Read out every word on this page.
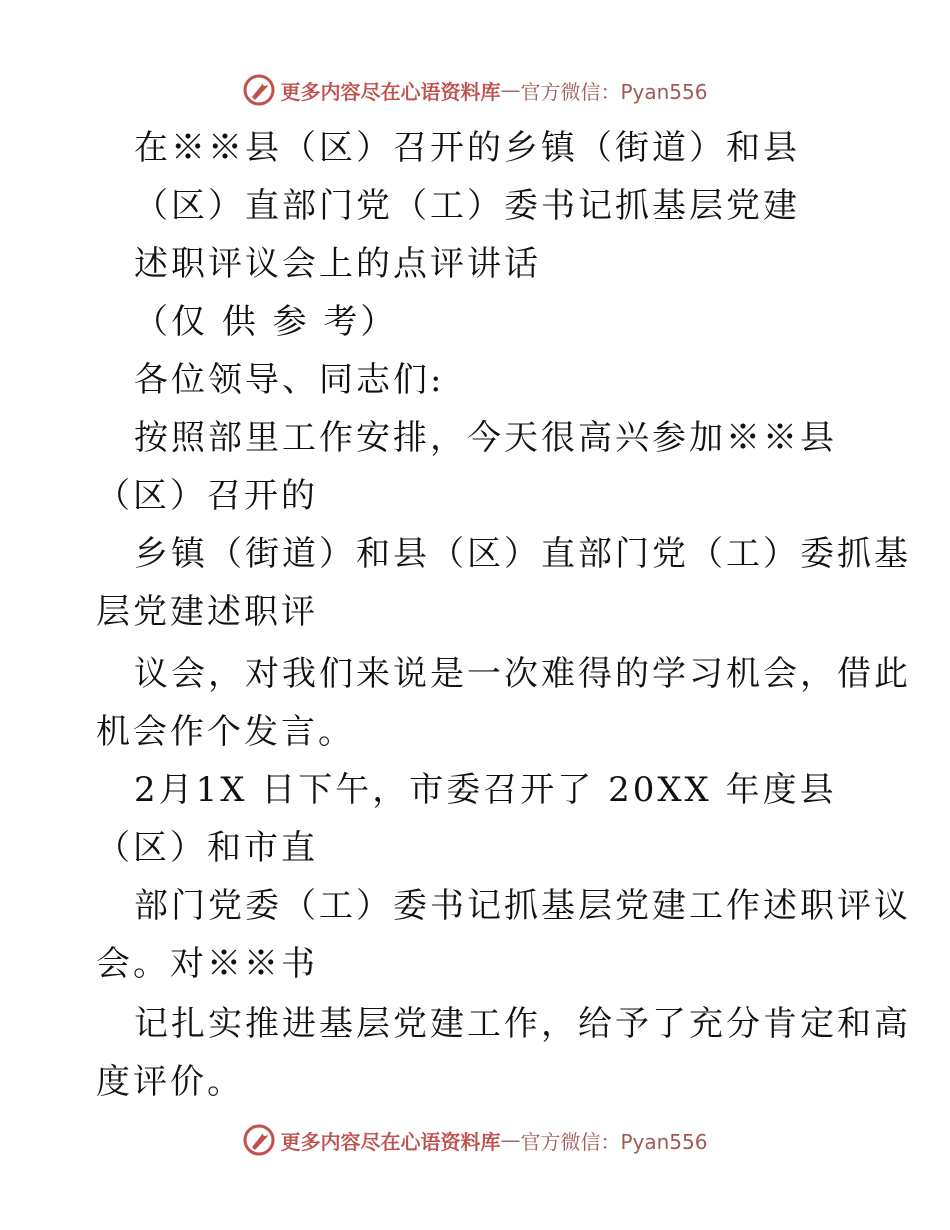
更多内容尽在心语资料库 — 官方微信：Pyan556
在※※县（区）召开的乡镇（街道）和县
（区）直部门党（工）委书记抓基层党建
述职评议会上的点评讲话
（仅 供 参 考）
各位领导、同志们:
按照部里工作安排，今天很高兴参加※※县
（区）召开的
乡镇（街道）和县（区）直部门党（工）委抓基
层党建述职评
议会，对我们来说是一次难得的学习机会，借此
机会作个发言。
2月1X 日下午，市委召开了 20XX 年度县
（区）和市直
部门党委（工）委书记抓基层党建工作述职评议
会。对※※书
记扎实推进基层党建工作，给予了充分肯定和高
度评价。
更多内容尽在心语资料库 — 官方微信：Pyan556
